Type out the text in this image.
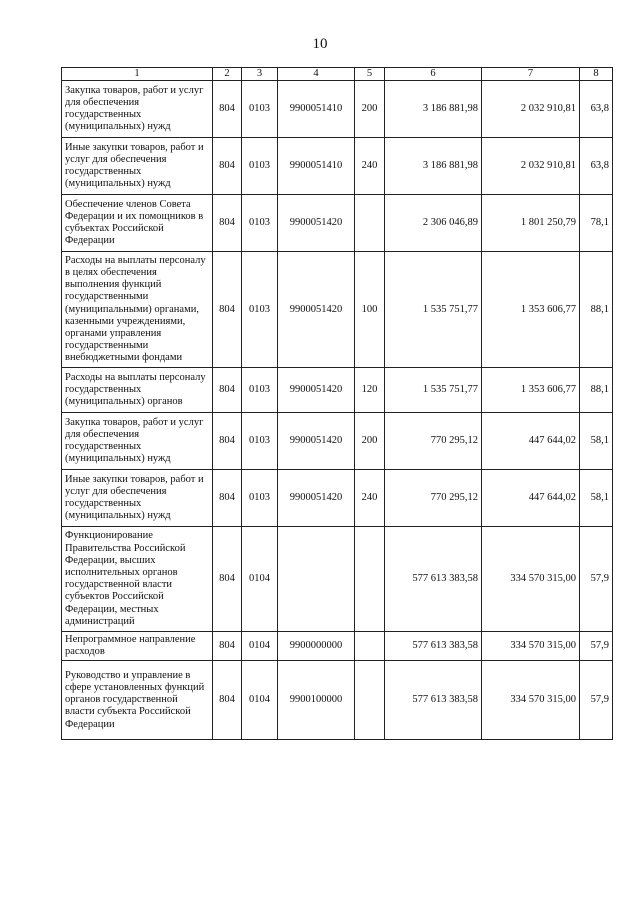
10
1	2	3	4	5	6	7	8
Закупка товаров, работ и услуг для обеспечения государственных (муниципальных) нужд	804	0103	9900051410	200	3 186 881,98	2 032 910,81	63,8
Иные закупки товаров, работ и услуг для обеспечения государственных (муниципальных) нужд	804	0103	9900051410	240	3 186 881,98	2 032 910,81	63,8
Обеспечение членов Совета Федерации и их помощников в субъектах Российской Федерации	804	0103	9900051420		2 306 046,89	1 801 250,79	78,1
Расходы на выплаты персоналу в целях обеспечения выполнения функций государственными (муниципальными) органами, казенными учреждениями, органами управления государственными внебюджетными фондами	804	0103	9900051420	100	1 535 751,77	1 353 606,77	88,1
Расходы на выплаты персоналу государственных (муниципальных) органов	804	0103	9900051420	120	1 535 751,77	1 353 606,77	88,1
Закупка товаров, работ и услуг для обеспечения государственных (муниципальных) нужд	804	0103	9900051420	200	770 295,12	447 644,02	58,1
Иные закупки товаров, работ и услуг для обеспечения государственных (муниципальных) нужд	804	0103	9900051420	240	770 295,12	447 644,02	58,1
Функционирование Правительства Российской Федерации, высших исполнительных органов государственной власти субъектов Российской Федерации, местных администраций	804	0104			577 613 383,58	334 570 315,00	57,9
Непрограммное направление расходов	804	0104	9900000000		577 613 383,58	334 570 315,00	57,9
Руководство и управление в сфере установленных функций органов государственной власти субъекта Российской Федерации	804	0104	9900100000		577 613 383,58	334 570 315,00	57,9
